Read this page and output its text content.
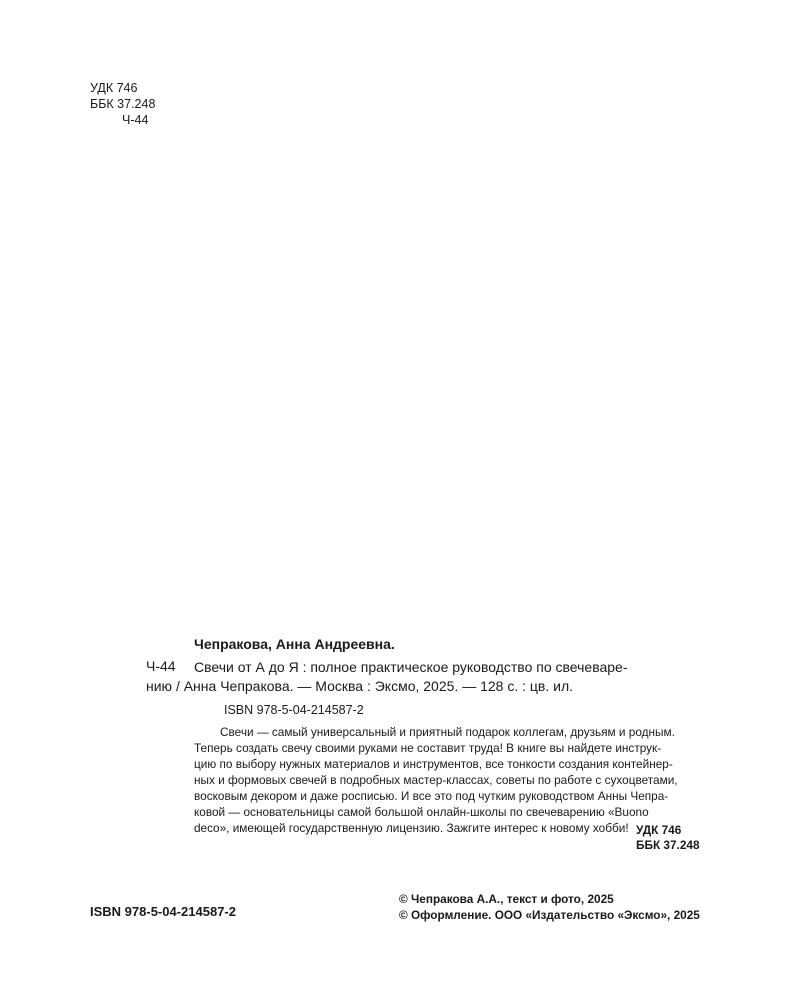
УДК 746
ББК 37.248
Ч-44
Чепракова, Анна Андреевна.
Ч-44 Свечи от А до Я : полное практическое руководство по свечеваре-
нию / Анна Чепракова. — Москва : Эксмо, 2025. — 128 с. : цв. ил.
ISBN 978-5-04-214587-2
Свечи — самый универсальный и приятный подарок коллегам, друзьям и родным.
Теперь создать свечу своими руками не составит труда! В книге вы найдете инструк-
цию по выбору нужных материалов и инструментов, все тонкости создания контейнер-
ных и формовых свечей в подробных мастер-классах, советы по работе с сухоцветами,
восковым декором и даже росписью. И все это под чутким руководством Анны Чепра-
ковой — основательницы самой большой онлайн-школы по свечеварению «Buono
deco», имеющей государственную лицензию. Зажгите интерес к новому хобби! УДК 746
ББК 37.248
ISBN 978-5-04-214587-2
© Чепракова А.А., текст и фото, 2025
© Оформление. ООО «Издательство «Эксмо», 2025
